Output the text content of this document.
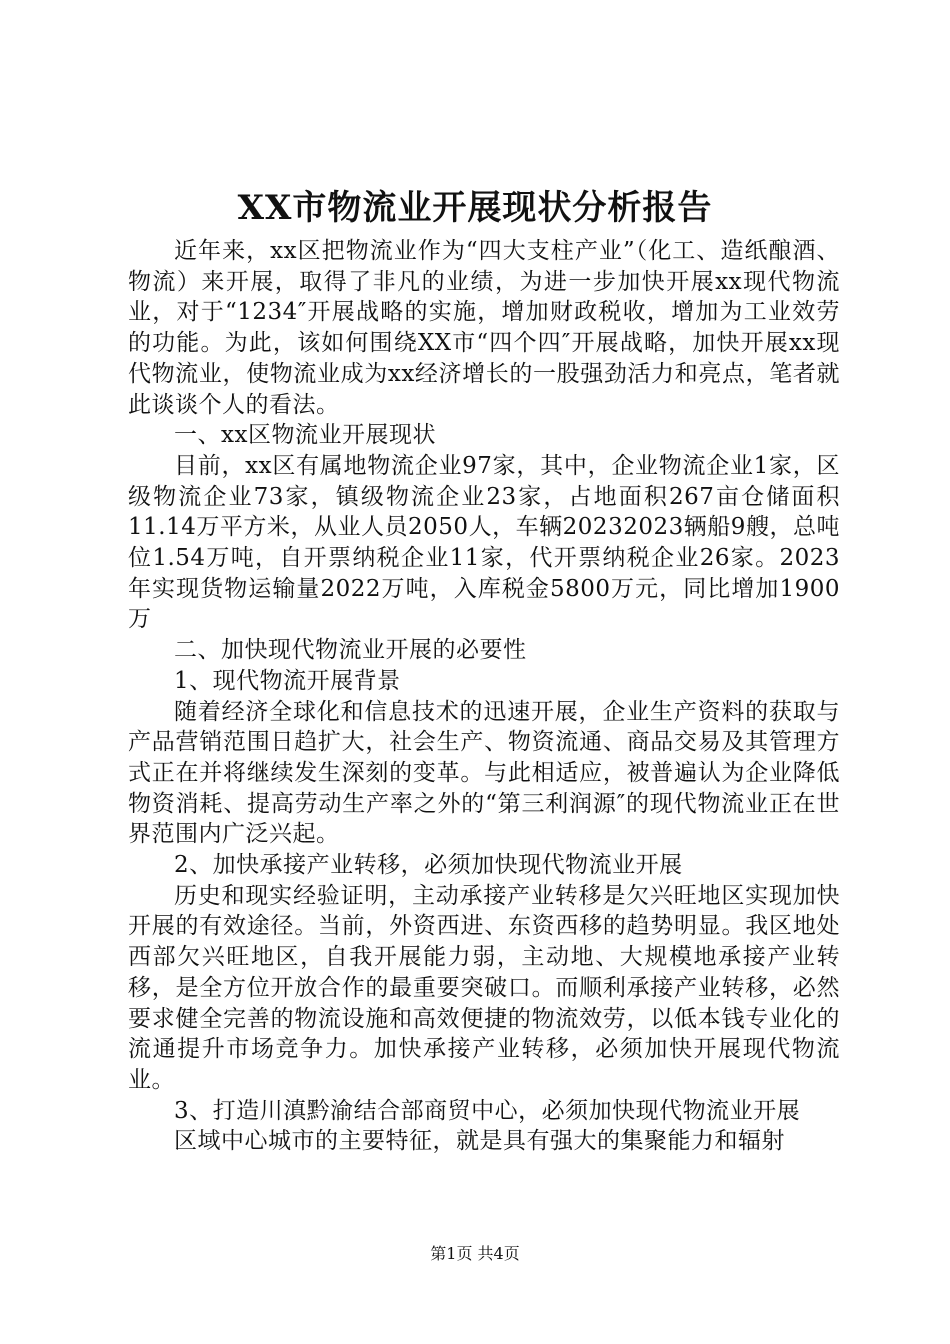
XX市物流业开展现状分析报告

近年来，xx区把物流业作为“四大支柱产业”（化工、造纸酿酒、物流）来开展，取得了非凡的业绩，为进一步加快开展xx现代物流业，对于“1234″开展战略的实施，增加财政税收，增加为工业效劳的功能。为此，该如何围绕XX市“四个四″开展战略，加快开展xx现代物流业，使物流业成为xx经济增长的一股强劲活力和亮点，笔者就此谈谈个人的看法。

一、xx区物流业开展现状

目前，xx区有属地物流企业97家，其中，企业物流企业1家，区级物流企业73家，镇级物流企业23家，占地面积267亩仓储面积11.14万平方米，从业人员2050人，车辆20232023辆船9艘，总吨位1.54万吨，自开票纳税企业11家，代开票纳税企业26家。2023年实现货物运输量2022万吨，入库税金5800万元，同比增加1900万

二、加快现代物流业开展的必要性

1、现代物流开展背景

随着经济全球化和信息技术的迅速开展，企业生产资料的获取与产品营销范围日趋扩大，社会生产、物资流通、商品交易及其管理方式正在并将继续发生深刻的变革。与此相适应，被普遍认为企业降低物资消耗、提高劳动生产率之外的“第三利润源″的现代物流业正在世界范围内广泛兴起。

2、加快承接产业转移，必须加快现代物流业开展

历史和现实经验证明，主动承接产业转移是欠兴旺地区实现加快开展的有效途径。当前，外资西进、东资西移的趋势明显。我区地处西部欠兴旺地区，自我开展能力弱，主动地、大规模地承接产业转移，是全方位开放合作的最重要突破口。而顺利承接产业转移，必然要求健全完善的物流设施和高效便捷的物流效劳，以低本钱专业化的流通提升市场竞争力。加快承接产业转移，必须加快开展现代物流业。

3、打造川滇黔渝结合部商贸中心，必须加快现代物流业开展

区域中心城市的主要特征，就是具有强大的集聚能力和辐射

第1页 共4页
